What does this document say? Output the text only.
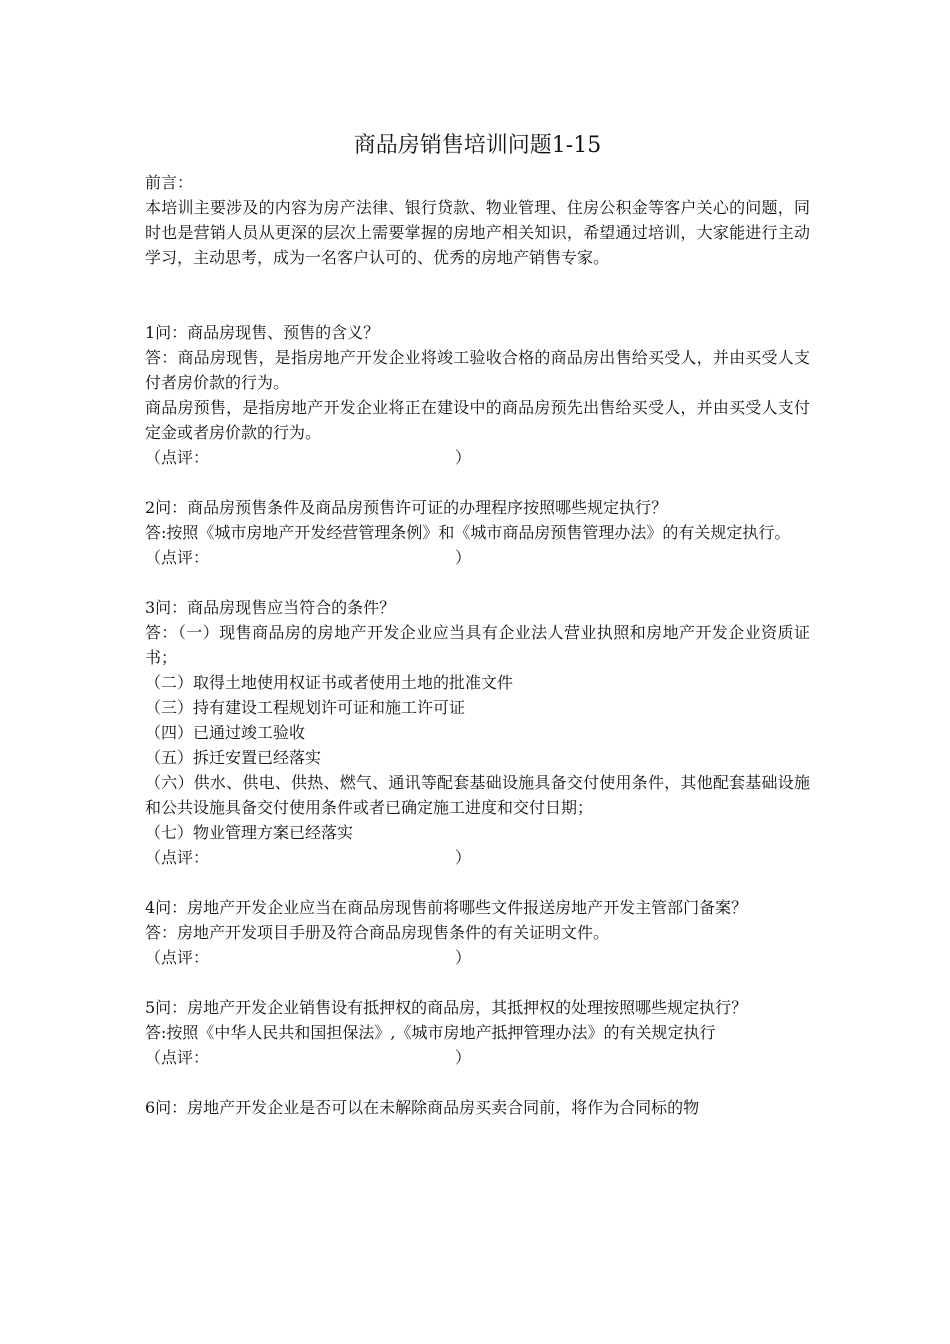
商品房销售培训问题1-15

前言：

本培训主要涉及的内容为房产法律、银行贷款、物业管理、住房公积金等客户关心的问题，同时也是营销人员从更深的层次上需要掌握的房地产相关知识，希望通过培训，大家能进行主动学习，主动思考，成为一名客户认可的、优秀的房地产销售专家。

1问：商品房现售、预售的含义？

答：商品房现售，是指房地产开发企业将竣工验收合格的商品房出售给买受人，并由买受人支付者房价款的行为。

商品房预售，是指房地产开发企业将正在建设中的商品房预先出售给买受人，并由买受人支付定金或者房价款的行为。

（点评：	）

2问：商品房预售条件及商品房预售许可证的办理程序按照哪些规定执行？

答:按照《城市房地产开发经营管理条例》和《城市商品房预售管理办法》的有关规定执行。

（点评：	）

3问：商品房现售应当符合的条件？

答：（一）现售商品房的房地产开发企业应当具有企业法人营业执照和房地产开发企业资质证书；

（二）取得土地使用权证书或者使用土地的批准文件

（三）持有建设工程规划许可证和施工许可证

（四）已通过竣工验收

（五）拆迁安置已经落实

（六）供水、供电、供热、燃气、通讯等配套基础设施具备交付使用条件，其他配套基础设施和公共设施具备交付使用条件或者已确定施工进度和交付日期；

（七）物业管理方案已经落实

（点评：	）

4问：房地产开发企业应当在商品房现售前将哪些文件报送房地产开发主管部门备案？

答：房地产开发项目手册及符合商品房现售条件的有关证明文件。

（点评：	）

5问：房地产开发企业销售设有抵押权的商品房，其抵押权的处理按照哪些规定执行？

答:按照《中华人民共和国担保法》,《城市房地产抵押管理办法》的有关规定执行

（点评：	）

6问：房地产开发企业是否可以在未解除商品房买卖合同前，将作为合同标的物
